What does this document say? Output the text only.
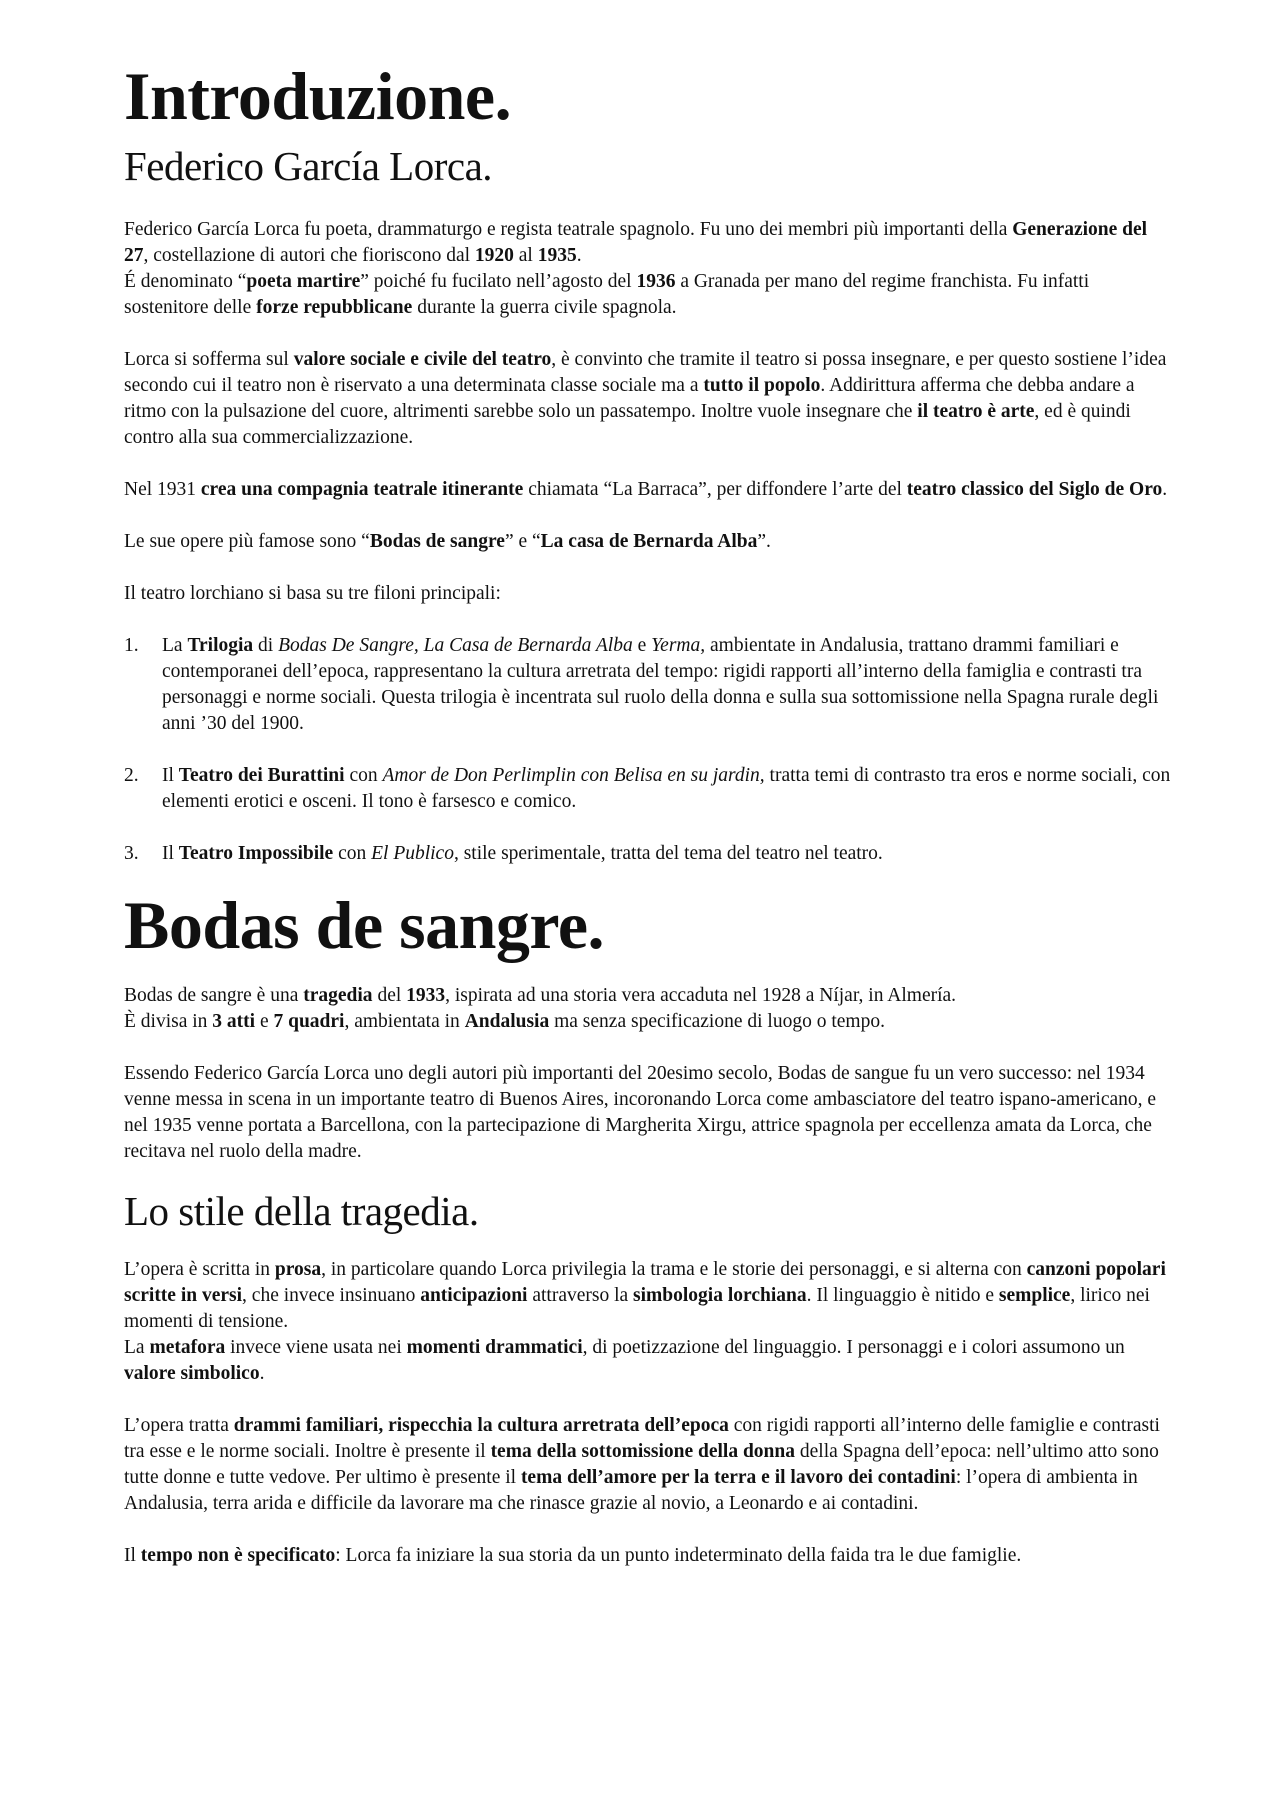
Introduzione.
Federico García Lorca.

Federico García Lorca fu poeta, drammaturgo e regista teatrale spagnolo. Fu uno dei membri più importanti della Generazione del 27, costellazione di autori che fioriscono dal 1920 al 1935.
É denominato “poeta martire” poiché fu fucilato nell’agosto del 1936 a Granada per mano del regime franchista. Fu infatti sostenitore delle forze repubblicane durante la guerra civile spagnola.

Lorca si sofferma sul valore sociale e civile del teatro, è convinto che tramite il teatro si possa insegnare, e per questo sostiene l’idea secondo cui il teatro non è riservato a una determinata classe sociale ma a tutto il popolo. Addirittura afferma che debba andare a ritmo con la pulsazione del cuore, altrimenti sarebbe solo un passatempo. Inoltre vuole insegnare che il teatro è arte, ed è quindi contro alla sua commercializzazione.

Nel 1931 crea una compagnia teatrale itinerante chiamata “La Barraca”, per diffondere l’arte del teatro classico del Siglo de Oro.

Le sue opere più famose sono “Bodas de sangre” e “La casa de Bernarda Alba”.

Il teatro lorchiano si basa su tre filoni principali:

1. La Trilogia di Bodas De Sangre, La Casa de Bernarda Alba e Yerma, ambientate in Andalusia, trattano drammi familiari e contemporanei dell’epoca, rappresentano la cultura arretrata del tempo: rigidi rapporti all’interno della famiglia e contrasti tra personaggi e norme sociali. Questa trilogia è incentrata sul ruolo della donna e sulla sua sottomissione nella Spagna rurale degli anni ’30 del 1900.
2. Il Teatro dei Burattini con Amor de Don Perlimplin con Belisa en su jardin, tratta temi di contrasto tra eros e norme sociali, con elementi erotici e osceni. Il tono è farsesco e comico.
3. Il Teatro Impossibile con El Publico, stile sperimentale, tratta del tema del teatro nel teatro.
Bodas de sangre.

Bodas de sangre è una tragedia del 1933, ispirata ad una storia vera accaduta nel 1928 a Níjar, in Almería.
È divisa in 3 atti e 7 quadri, ambientata in Andalusia ma senza specificazione di luogo o tempo.

Essendo Federico García Lorca uno degli autori più importanti del 20esimo secolo, Bodas de sangue fu un vero successo: nel 1934 venne messa in scena in un importante teatro di Buenos Aires, incoronando Lorca come ambasciatore del teatro ispano-americano, e nel 1935 venne portata a Barcellona, con la partecipazione di Margherita Xirgu, attrice spagnola per eccellenza amata da Lorca, che recitava nel ruolo della madre.

Lo stile della tragedia.

L’opera è scritta in prosa, in particolare quando Lorca privilegia la trama e le storie dei personaggi, e si alterna con canzoni popolari scritte in versi, che invece insinuano anticipazioni attraverso la simbologia lorchiana. Il linguaggio è nitido e semplice, lirico nei momenti di tensione.
La metafora invece viene usata nei momenti drammatici, di poetizzazione del linguaggio. I personaggi e i colori assumono un valore simbolico.

L’opera tratta drammi familiari, rispecchia la cultura arretrata dell’epoca con rigidi rapporti all’interno delle famiglie e contrasti tra esse e le norme sociali. Inoltre è presente il tema della sottomissione della donna della Spagna dell’epoca: nell’ultimo atto sono tutte donne e tutte vedove. Per ultimo è presente il tema dell’amore per la terra e il lavoro dei contadini: l’opera di ambienta in Andalusia, terra arida e difficile da lavorare ma che rinasce grazie al novio, a Leonardo e ai contadini.

Il tempo non è specificato: Lorca fa iniziare la sua storia da un punto indeterminato della faida tra le due famiglie.
